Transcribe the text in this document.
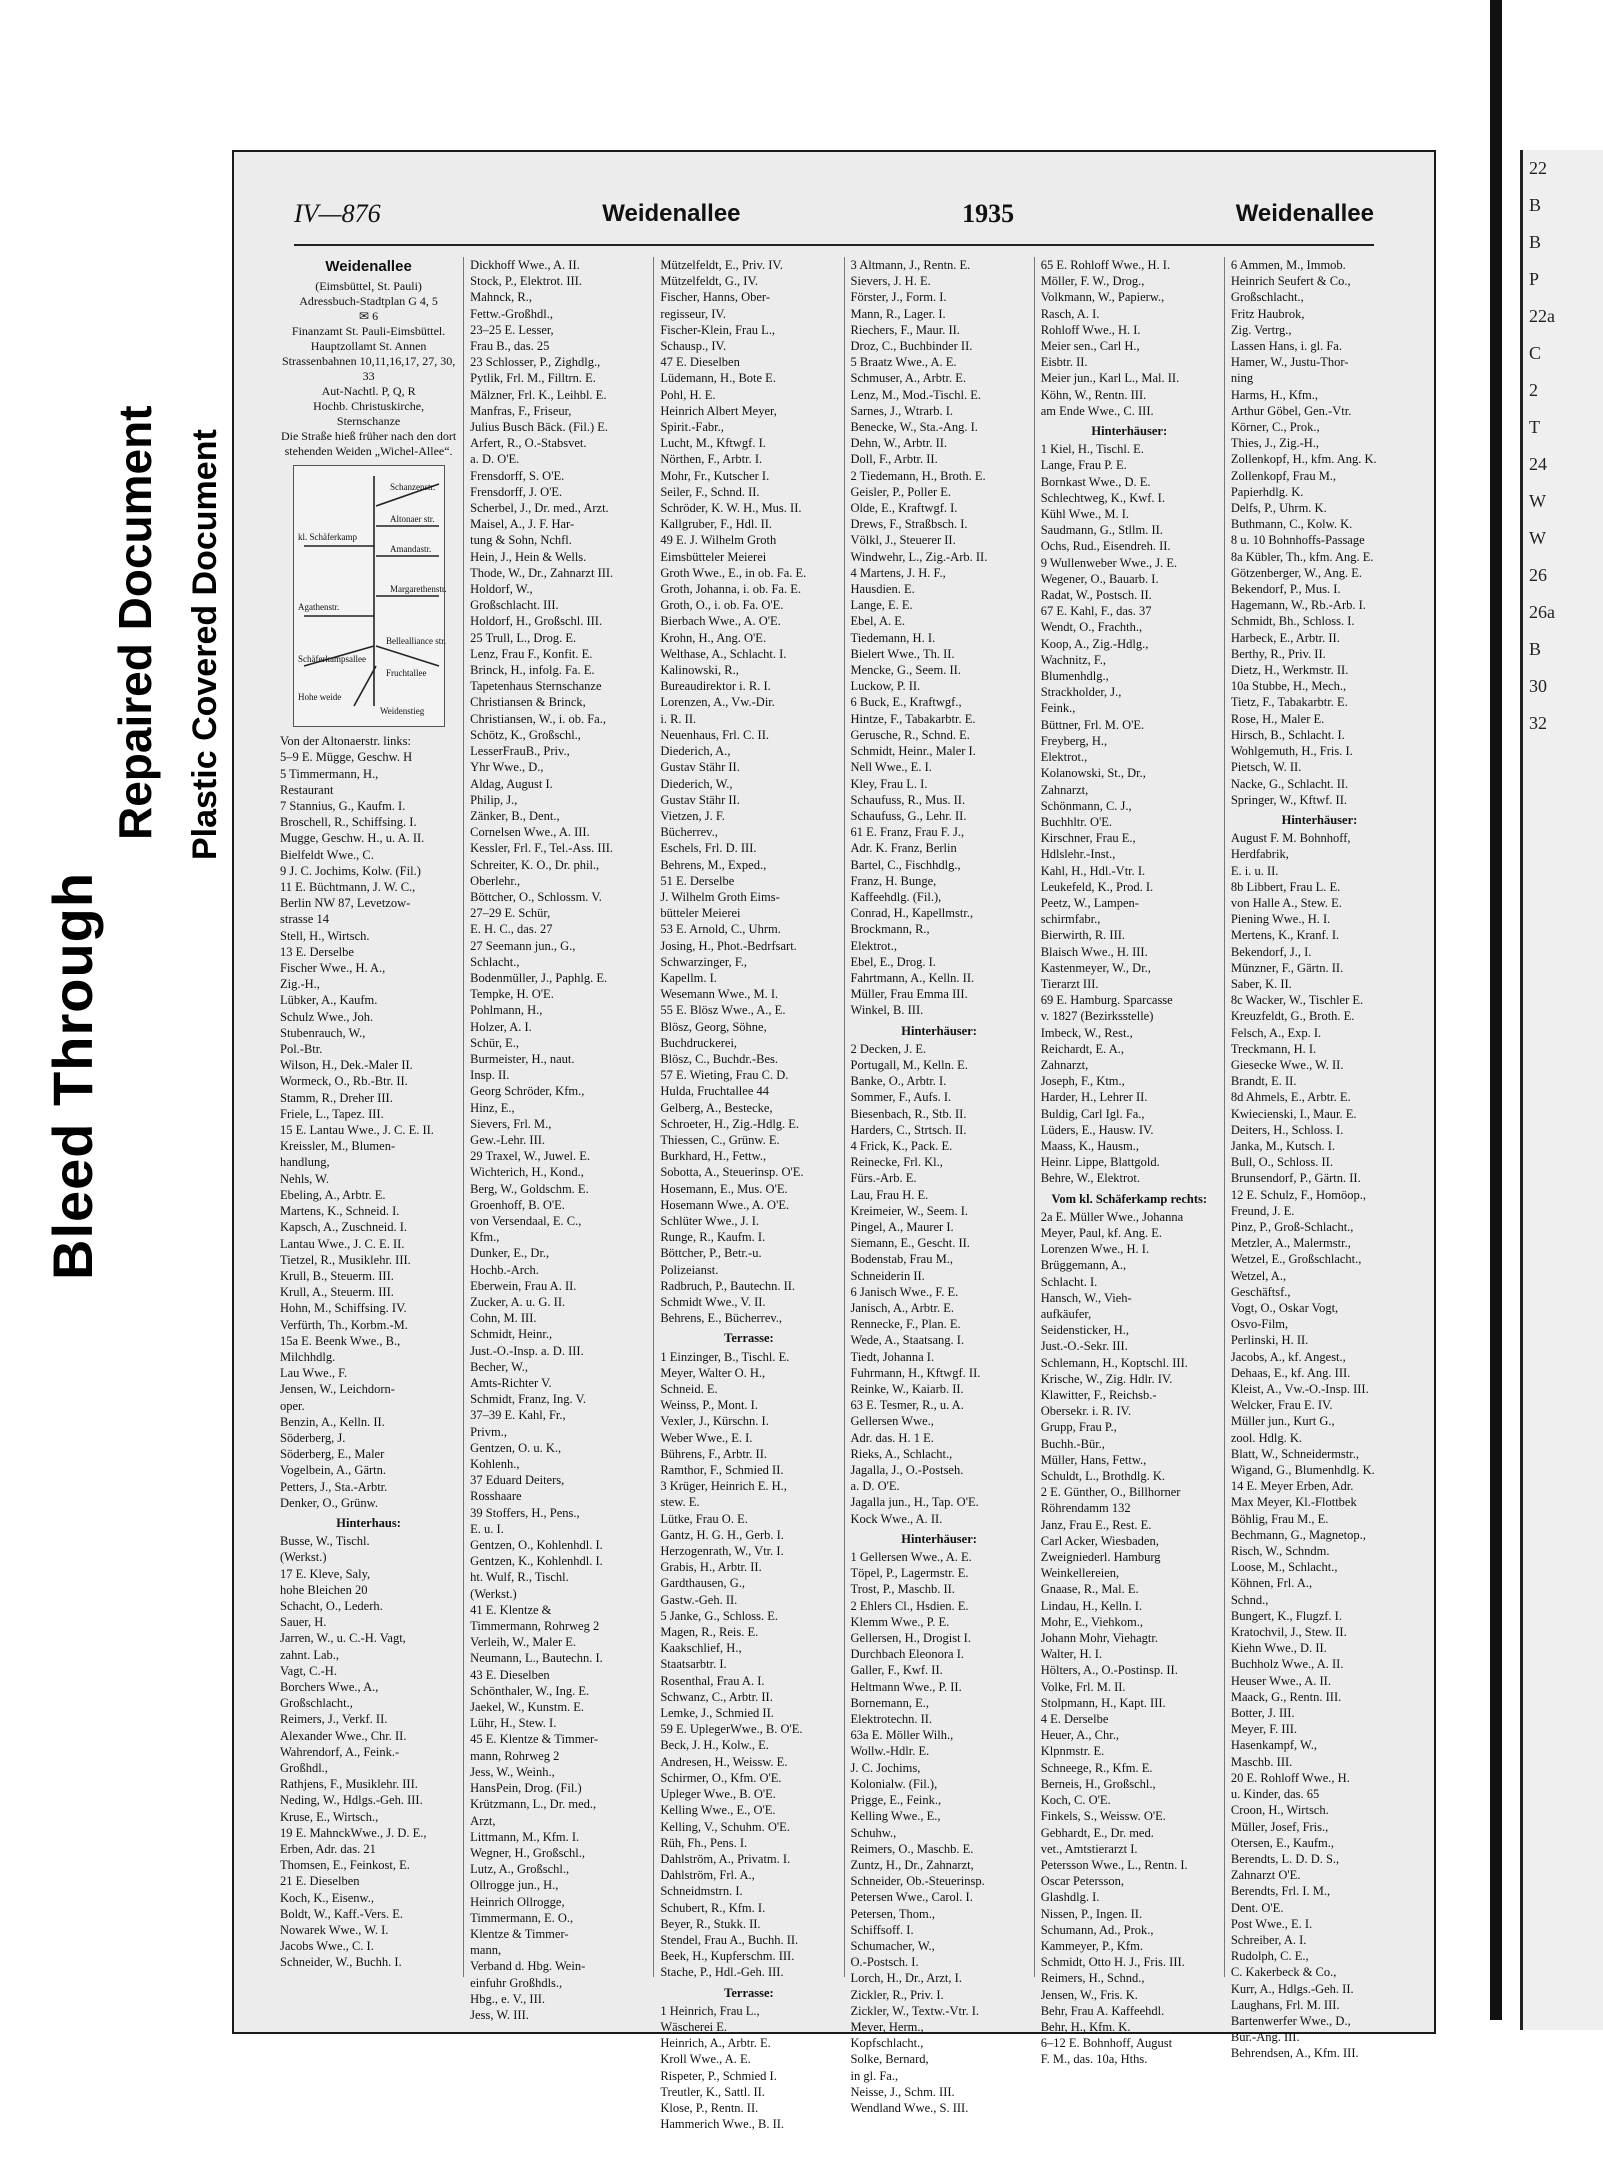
Bleed Through
Repaired Document Plastic Covered Document
IV—876	Weidenallee	1935	Weidenallee
Weidenallee
(Eimsbüttel, St. Pauli)
Adressbuch-Stadtplan G 4, 5
✉ 6
Finanzamt St. Pauli-Eimsbüttel.
Hauptzollamt St. Annen
Strassenbahnen 10,11,16,17, 27, 30, 33
Aut-Nachtl. P, Q, R
Hochb. Christuskirche, Sternschanze
Die Straße hieß früher nach den dort stehenden Weiden „Wichel-Allee“.
Schanzenstr.
Altonaer str.
kl. Schäferkamp
Amandastr.
Margarethenstr.
Agathenstr.
Schäferkampsallee
Bellealliance str.
Fruchtallee
Hohe weide
Weidenstieg
Von der Altonaerstr. links:
5–9 E. Mügge, Geschw. H
5 Timmermann, H.,
Restaurant
7 Stannius, G., Kaufm. I.
Broschell, R., Schiffsing. I.
Mugge, Geschw. H., u. A. II.
Bielfeldt Wwe., C.
9 J. C. Jochims, Kolw. (Fil.)
11 E. Büchtmann, J. W. C.,
Berlin NW 87, Levetzow-
strasse 14
Stell, H., Wirtsch.
13 E. Derselbe
Fischer Wwe., H. A.,
Zig.-H.,
Lübker, A., Kaufm.
Schulz Wwe., Joh.
Stubenrauch, W.,
Pol.-Btr.
Wilson, H., Dek.-Maler II.
Wormeck, O., Rb.-Btr. II.
Stamm, R., Dreher III.
Friele, L., Tapez. III.
15 E. Lantau Wwe., J. C. E. II.
Kreissler, M., Blumen-
handlung,
Nehls, W.
Ebeling, A., Arbtr. E.
Martens, K., Schneid. I.
Kapsch, A., Zuschneid. I.
Lantau Wwe., J. C. E. II.
Tietzel, R., Musiklehr. III.
Krull, B., Steuerm. III.
Krull, A., Steuerm. III.
Hohn, M., Schiffsing. IV.
Verfürth, Th., Korbm.-M.
15a E. Beenk Wwe., B.,
Milchhdlg.
Lau Wwe., F.
Jensen, W., Leichdorn-
oper.
Benzin, A., Kelln. II.
Söderberg, J.
Söderberg, E., Maler
Vogelbein, A., Gärtn.
Petters, J., Sta.-Arbtr.
Denker, O., Grünw.
Hinterhaus:
Busse, W., Tischl.
(Werkst.)
17 E. Kleve, Saly,
hohe Bleichen 20
Schacht, O., Lederh.
Sauer, H.
Jarren, W., u. C.-H. Vagt,
zahnt. Lab.,
Vagt, C.-H.
Borchers Wwe., A.,
Großschlacht.,
Reimers, J., Verkf. II.
Alexander Wwe., Chr. II.
Wahrendorf, A., Feink.-
Großhdl.,
Rathjens, F., Musiklehr. III.
Neding, W., Hdlgs.-Geh. III.
Kruse, E., Wirtsch.,
19 E. MahnckWwe., J. D. E.,
Erben, Adr. das. 21
Thomsen, E., Feinkost, E.
21 E. Dieselben
Koch, K., Eisenw.,
Boldt, W., Kaff.-Vers. E.
Nowarek Wwe., W. I.
Jacobs Wwe., C. I.
Schneider, W., Buchh. I.
Dickhoff Wwe., A. II.
Stock, P., Elektrot. III.
Mahnck, R.,
Fettw.-Großhdl.,
23–25 E. Lesser,
Frau B., das. 25
23 Schlosser, P., Zighdlg.,
Pytlik, Frl. M., Filltrn. E.
Mälzner, Frl. K., Leihbl. E.
Manfras, F., Friseur,
Julius Busch Bäck. (Fil.) E.
Arfert, R., O.-Stabsvet.
a. D. O'E.
Frensdorff, S. O'E.
Frensdorff, J. O'E.
Scherbel, J., Dr. med., Arzt.
Maisel, A., J. F. Har-
tung & Sohn, Nchfl.
Hein, J., Hein & Wells.
Thode, W., Dr., Zahnarzt III.
Holdorf, W.,
Großschlacht. III.
Holdorf, H., Großschl. III.
25 Trull, L., Drog. E.
Lenz, Frau F., Konfit. E.
Brinck, H., infolg. Fa. E.
Tapetenhaus Sternschanze
Christiansen & Brinck,
Christiansen, W., i. ob. Fa.,
Schötz, K., Großschl.,
LesserFrauB., Priv.,
Yhr Wwe., D.,
Aldag, August I.
Philip, J.,
Zänker, B., Dent.,
Cornelsen Wwe., A. III.
Kessler, Frl. F., Tel.-Ass. III.
Schreiter, K. O., Dr. phil.,
Oberlehr.,
Böttcher, O., Schlossm. V.
27–29 E. Schür,
E. H. C., das. 27
27 Seemann jun., G.,
Schlacht.,
Bodenmüller, J., Paphlg. E.
Tempke, H. O'E.
Pohlmann, H.,
Holzer, A. I.
Schür, E.,
Burmeister, H., naut.
Insp. II.
Georg Schröder, Kfm.,
Hinz, E.,
Sievers, Frl. M.,
Gew.-Lehr. III.
29 Traxel, W., Juwel. E.
Wichterich, H., Kond.,
Berg, W., Goldschm. E.
Groenhoff, B. O'E.
von Versendaal, E. C.,
Kfm.,
Dunker, E., Dr.,
Hochb.-Arch.
Eberwein, Frau A. II.
Zucker, A. u. G. II.
Cohn, M. III.
Schmidt, Heinr.,
Just.-O.-Insp. a. D. III.
Becher, W.,
Amts-Richter V.
Schmidt, Franz, Ing. V.
37–39 E. Kahl, Fr.,
Privm.,
Gentzen, O. u. K.,
Kohlenh.,
37 Eduard Deiters,
Rosshaare
39 Stoffers, H., Pens.,
E. u. I.
Gentzen, O., Kohlenhdl. I.
Gentzen, K., Kohlenhdl. I.
ht. Wulf, R., Tischl.
(Werkst.)
41 E. Klentze &
Timmermann, Rohrweg 2
Verleih, W., Maler E.
Neumann, L., Bautechn. I.
43 E. Dieselben
Schönthaler, W., Ing. E.
Jaekel, W., Kunstm. E.
Lühr, H., Stew. I.
45 E. Klentze & Timmer-
mann, Rohrweg 2
Jess, W., Weinh.,
HansPein, Drog. (Fil.)
Krützmann, L., Dr. med.,
Arzt,
Littmann, M., Kfm. I.
Wegner, H., Großschl.,
Lutz, A., Großschl.,
Ollrogge jun., H.,
Heinrich Ollrogge,
Timmermann, E. O.,
Klentze & Timmer-
mann,
Verband d. Hbg. Wein-
einfuhr Großhdls.,
Hbg., e. V., III.
Jess, W. III.
Mützelfeldt, E., Priv. IV.
Mützelfeldt, G., IV.
Fischer, Hanns, Ober-
regisseur, IV.
Fischer-Klein, Frau L.,
Schausp., IV.
47 E. Dieselben
Lüdemann, H., Bote E.
Pohl, H. E.
Heinrich Albert Meyer,
Spirit.-Fabr.,
Lucht, M., Kftwgf. I.
Nörthen, F., Arbtr. I.
Mohr, Fr., Kutscher I.
Seiler, F., Schnd. II.
Schröder, K. W. H., Mus. II.
Kallgruber, F., Hdl. II.
49 E. J. Wilhelm Groth
Eimsbütteler Meierei
Groth Wwe., E., in ob. Fa. E.
Groth, Johanna, i. ob. Fa. E.
Groth, O., i. ob. Fa. O'E.
Bierbach Wwe., A. O'E.
Krohn, H., Ang. O'E.
Welthase, A., Schlacht. I.
Kalinowski, R.,
Bureaudirektor i. R. I.
Lorenzen, A., Vw.-Dir.
i. R. II.
Neuenhaus, Frl. C. II.
Diederich, A.,
Gustav Stähr II.
Diederich, W.,
Gustav Stähr II.
Vietzen, J. F.
Bücherrev.,
Eschels, Frl. D. III.
Behrens, M., Exped.,
51 E. Derselbe
J. Wilhelm Groth Eims-
bütteler Meierei
53 E. Arnold, C., Uhrm.
Josing, H., Phot.-Bedrfsart.
Schwarzinger, F.,
Kapellm. I.
Wesemann Wwe., M. I.
55 E. Blösz Wwe., A., E.
Blösz, Georg, Söhne,
Buchdruckerei,
Blösz, C., Buchdr.-Bes.
57 E. Wieting, Frau C. D.
Hulda, Fruchtallee 44
Gelberg, A., Bestecke,
Schroeter, H., Zig.-Hdlg. E.
Thiessen, C., Grünw. E.
Burkhard, H., Fettw.,
Sobotta, A., Steuerinsp. O'E.
Hosemann, E., Mus. O'E.
Hosemann Wwe., A. O'E.
Schlüter Wwe., J. I.
Runge, R., Kaufm. I.
Böttcher, P., Betr.-u.
Polizeianst.
Radbruch, P., Bautechn. II.
Schmidt Wwe., V. II.
Behrens, E., Bücherrev.,
Terrasse:
1 Einzinger, B., Tischl. E.
Meyer, Walter O. H.,
Schneid. E.
Weinss, P., Mont. I.
Vexler, J., Kürschn. I.
Weber Wwe., E. I.
Bührens, F., Arbtr. II.
Ramthor, F., Schmied II.
3 Krüger, Heinrich E. H.,
stew. E.
Lütke, Frau O. E.
Gantz, H. G. H., Gerb. I.
Herzogenrath, W., Vtr. I.
Grabis, H., Arbtr. II.
Gardthausen, G.,
Gastw.-Geh. II.
5 Janke, G., Schloss. E.
Magen, R., Reis. E.
Kaakschlief, H.,
Staatsarbtr. I.
Rosenthal, Frau A. I.
Schwanz, C., Arbtr. II.
Lemke, J., Schmied II.
59 E. UplegerWwe., B. O'E.
Beck, J. H., Kolw., E.
Andresen, H., Weissw. E.
Schirmer, O., Kfm. O'E.
Upleger Wwe., B. O'E.
Kelling Wwe., E., O'E.
Kelling, V., Schuhm. O'E.
Rüh, Fh., Pens. I.
Dahlström, A., Privatm. I.
Dahlström, Frl. A.,
Schneidmstrn. I.
Schubert, R., Kfm. I.
Beyer, R., Stukk. II.
Stendel, Frau A., Buchh. II.
Beek, H., Kupferschm. III.
Stache, P., Hdl.-Geh. III.
Terrasse:
1 Heinrich, Frau L.,
Wäscherei E.
Heinrich, A., Arbtr. E.
Kroll Wwe., A. E.
Rispeter, P., Schmied I.
Treutler, K., Sattl. II.
Klose, P., Rentn. II.
Hammerich Wwe., B. II.
3 Altmann, J., Rentn. E.
Sievers, J. H. E.
Förster, J., Form. I.
Mann, R., Lager. I.
Riechers, F., Maur. II.
Droz, C., Buchbinder II.
5 Braatz Wwe., A. E.
Schmuser, A., Arbtr. E.
Lenz, M., Mod.-Tischl. E.
Sarnes, J., Wtrarb. I.
Benecke, W., Sta.-Ang. I.
Dehn, W., Arbtr. II.
Doll, F., Arbtr. II.
2 Tiedemann, H., Broth. E.
Geisler, P., Poller E.
Olde, E., Kraftwgf. I.
Drews, F., Straßbsch. I.
Völkl, J., Steuerer II.
Windwehr, L., Zig.-Arb. II.
4 Martens, J. H. F.,
Hausdien. E.
Lange, E. E.
Ebel, A. E.
Tiedemann, H. I.
Bielert Wwe., Th. II.
Mencke, G., Seem. II.
Luckow, P. II.
6 Buck, E., Kraftwgf.,
Hintze, F., Tabakarbtr. E.
Gerusche, R., Schnd. E.
Schmidt, Heinr., Maler I.
Nell Wwe., E. I.
Kley, Frau L. I.
Schaufuss, R., Mus. II.
Schaufuss, G., Lehr. II.
61 E. Franz, Frau F. J.,
Adr. K. Franz, Berlin
Bartel, C., Fischhdlg.,
Franz, H. Bunge,
Kaffeehdlg. (Fil.),
Conrad, H., Kapellmstr.,
Brockmann, R.,
Elektrot.,
Ebel, E., Drog. I.
Fahrtmann, A., Kelln. II.
Müller, Frau Emma III.
Winkel, B. III.
Hinterhäuser:
2 Decken, J. E.
Portugall, M., Kelln. E.
Banke, O., Arbtr. I.
Sommer, F., Aufs. I.
Biesenbach, R., Stb. II.
Harders, C., Strtsch. II.
4 Frick, K., Pack. E.
Reinecke, Frl. Kl.,
Fürs.-Arb. E.
Lau, Frau H. E.
Kreimeier, W., Seem. I.
Pingel, A., Maurer I.
Siemann, E., Gescht. II.
Bodenstab, Frau M.,
Schneiderin II.
6 Janisch Wwe., F. E.
Janisch, A., Arbtr. E.
Rennecke, F., Plan. E.
Wede, A., Staatsang. I.
Tiedt, Johanna I.
Fuhrmann, H., Kftwgf. II.
Reinke, W., Kaiarb. II.
63 E. Tesmer, R., u. A.
Gellersen Wwe.,
Adr. das. H. 1 E.
Rieks, A., Schlacht.,
Jagalla, J., O.-Postseh.
a. D. O'E.
Jagalla jun., H., Tap. O'E.
Kock Wwe., A. II.
Hinterhäuser:
1 Gellersen Wwe., A. E.
Töpel, P., Lagermstr. E.
Trost, P., Maschb. II.
2 Ehlers Cl., Hsdien. E.
Klemm Wwe., P. E.
Gellersen, H., Drogist I.
Durchbach Eleonora I.
Galler, F., Kwf. II.
Heltmann Wwe., P. II.
Bornemann, E.,
Elektrotechn. II.
63a E. Möller Wilh.,
Wollw.-Hdlr. E.
J. C. Jochims,
Kolonialw. (Fil.),
Prigge, E., Feink.,
Kelling Wwe., E.,
Schuhw.,
Reimers, O., Maschb. E.
Zuntz, H., Dr., Zahnarzt,
Schneider, Ob.-Steuerinsp.
Petersen Wwe., Carol. I.
Petersen, Thom.,
Schiffsoff. I.
Schumacher, W.,
O.-Postsch. I.
Lorch, H., Dr., Arzt, I.
Zickler, R., Priv. I.
Zickler, W., Textw.-Vtr. I.
Meyer, Herm.,
Kopfschlacht.,
Solke, Bernard,
in gl. Fa.,
Neisse, J., Schm. III.
Wendland Wwe., S. III.
65 E. Rohloff Wwe., H. I.
Möller, F. W., Drog.,
Volkmann, W., Papierw.,
Rasch, A. I.
Rohloff Wwe., H. I.
Meier sen., Carl H.,
Eisbtr. II.
Meier jun., Karl L., Mal. II.
Köhn, W., Rentn. III.
am Ende Wwe., C. III.
Hinterhäuser:
1 Kiel, H., Tischl. E.
Lange, Frau P. E.
Bornkast Wwe., D. E.
Schlechtweg, K., Kwf. I.
Kühl Wwe., M. I.
Saudmann, G., Stllm. II.
Ochs, Rud., Eisendreh. II.
9 Wullenweber Wwe., J. E.
Wegener, O., Bauarb. I.
Radat, W., Postsch. II.
67 E. Kahl, F., das. 37
Wendt, O., Frachth.,
Koop, A., Zig.-Hdlg.,
Wachnitz, F.,
Blumenhdlg.,
Strackholder, J.,
Feink.,
Büttner, Frl. M. O'E.
Freyberg, H.,
Elektrot.,
Kolanowski, St., Dr.,
Zahnarzt,
Schönmann, C. J.,
Buchhltr. O'E.
Kirschner, Frau E.,
Hdlslehr.-Inst.,
Kahl, H., Hdl.-Vtr. I.
Leukefeld, K., Prod. I.
Peetz, W., Lampen-
schirmfabr.,
Bierwirth, R. III.
Blaisch Wwe., H. III.
Kastenmeyer, W., Dr.,
Tierarzt III.
69 E. Hamburg. Sparcasse
v. 1827 (Bezirksstelle)
Imbeck, W., Rest.,
Reichardt, E. A.,
Zahnarzt,
Joseph, F., Ktm.,
Harder, H., Lehrer II.
Buldig, Carl Igl. Fa.,
Lüders, E., Hausw. IV.
Maass, K., Hausm.,
Heinr. Lippe, Blattgold.
Behre, W., Elektrot.
Vom kl. Schäferkamp rechts:
2a E. Müller Wwe., Johanna
Meyer, Paul, kf. Ang. E.
Lorenzen Wwe., H. I.
Brüggemann, A.,
Schlacht. I.
Hansch, W., Vieh-
aufkäufer,
Seidensticker, H.,
Just.-O.-Sekr. III.
Schlemann, H., Koptschl. III.
Krische, W., Zig. Hdlr. IV.
Klawitter, F., Reichsb.-
Obersekr. i. R. IV.
Grupp, Frau P.,
Buchh.-Bür.,
Müller, Hans, Fettw.,
Schuldt, L., Brothdlg. K.
2 E. Günther, O., Billhorner
Röhrendamm 132
Janz, Frau E., Rest. E.
Carl Acker, Wiesbaden,
Zweigniederl. Hamburg
Weinkellereien,
Gnaase, R., Mal. E.
Lindau, H., Kelln. I.
Mohr, E., Viehkom.,
Johann Mohr, Viehagtr.
Walter, H. I.
Hölters, A., O.-Postinsp. II.
Volke, Frl. M. II.
Stolpmann, H., Kapt. III.
4 E. Derselbe
Heuer, A., Chr.,
Klpnmstr. E.
Schneege, R., Kfm. E.
Berneis, H., Großschl.,
Koch, C. O'E.
Finkels, S., Weissw. O'E.
Gebhardt, E., Dr. med.
vet., Amtstierarzt I.
Petersson Wwe., L., Rentn. I.
Oscar Petersson,
Glashdlg. I.
Nissen, P., Ingen. II.
Schumann, Ad., Prok.,
Kammeyer, P., Kfm.
Schmidt, Otto H. J., Fris. III.
Reimers, H., Schnd.,
Jensen, W., Fris. K.
Behr, Frau A. Kaffeehdl.
Behr, H., Kfm. K.
6–12 E. Bohnhoff, August
F. M., das. 10a, Hths.
6 Ammen, M., Immob.
Heinrich Seufert & Co.,
Großschlacht.,
Fritz Haubrok,
Zig. Vertrg.,
Lassen Hans, i. gl. Fa.
Hamer, W., Justu-Thor-
ning
Harms, H., Kfm.,
Arthur Göbel, Gen.-Vtr.
Körner, C., Prok.,
Thies, J., Zig.-H.,
Zollenkopf, H., kfm. Ang. K.
Zollenkopf, Frau M.,
Papierhdlg. K.
Delfs, P., Uhrm. K.
Buthmann, C., Kolw. K.
8 u. 10 Bohnhoffs-Passage
8a Kübler, Th., kfm. Ang. E.
Götzenberger, W., Ang. E.
Bekendorf, P., Mus. I.
Hagemann, W., Rb.-Arb. I.
Schmidt, Bh., Schloss. I.
Harbeck, E., Arbtr. II.
Berthy, R., Priv. II.
Dietz, H., Werkmstr. II.
10a Stubbe, H., Mech.,
Tietz, F., Tabakarbtr. E.
Rose, H., Maler E.
Hirsch, B., Schlacht. I.
Wohlgemuth, H., Fris. I.
Pietsch, W. II.
Nacke, G., Schlacht. II.
Springer, W., Kftwf. II.
Hinterhäuser:
August F. M. Bohnhoff,
Herdfabrik,
E. i. u. II.
8b Libbert, Frau L. E.
von Halle A., Stew. E.
Piening Wwe., H. I.
Mertens, K., Kranf. I.
Bekendorf, J., I.
Münzner, F., Gärtn. II.
Saber, K. II.
8c Wacker, W., Tischler E.
Kreuzfeldt, G., Broth. E.
Felsch, A., Exp. I.
Treckmann, H. I.
Giesecke Wwe., W. II.
Brandt, E. II.
8d Ahmels, E., Arbtr. E.
Kwiecienski, I., Maur. E.
Deiters, H., Schloss. I.
Janka, M., Kutsch. I.
Bull, O., Schloss. II.
Brunsendorf, P., Gärtn. II.
12 E. Schulz, F., Homöop.,
Freund, J. E.
Pinz, P., Groß-Schlacht.,
Metzler, A., Malermstr.,
Wetzel, E., Großschlacht.,
Wetzel, A.,
Geschäftsf.,
Vogt, O., Oskar Vogt,
Osvo-Film,
Perlinski, H. II.
Jacobs, A., kf. Angest.,
Dehaas, E., kf. Ang. III.
Kleist, A., Vw.-O.-Insp. III.
Welcker, Frau E. IV.
Müller jun., Kurt G.,
zool. Hdlg. K.
Blatt, W., Schneidermstr.,
Wigand, G., Blumenhdlg. K.
14 E. Meyer Erben, Adr.
Max Meyer, Kl.-Flottbek
Böhlig, Frau M., E.
Bechmann, G., Magnetop.,
Risch, W., Schndm.
Loose, M., Schlacht.,
Köhnen, Frl. A.,
Schnd.,
Bungert, K., Flugzf. I.
Kratochvil, J., Stew. II.
Kiehn Wwe., D. II.
Buchholz Wwe., A. II.
Heuser Wwe., A. II.
Maack, G., Rentn. III.
Botter, J. III.
Meyer, F. III.
Hasenkampf, W.,
Maschb. III.
20 E. Rohloff Wwe., H.
u. Kinder, das. 65
Croon, H., Wirtsch.
Müller, Josef, Fris.,
Otersen, E., Kaufm.,
Berendts, L. D. D. S.,
Zahnarzt O'E.
Berendts, Frl. I. M.,
Dent. O'E.
Post Wwe., E. I.
Schreiber, A. I.
Rudolph, C. E.,
C. Kakerbeck & Co.,
Kurr, A., Hdlgs.-Geh. II.
Laughans, Frl. M. III.
Bartenwerfer Wwe., D.,
Bur.-Ang. III.
Behrendsen, A., Kfm. III.
22
B
B
P
22a
C
2
T
24
W
W
26
26a
B
30
32
